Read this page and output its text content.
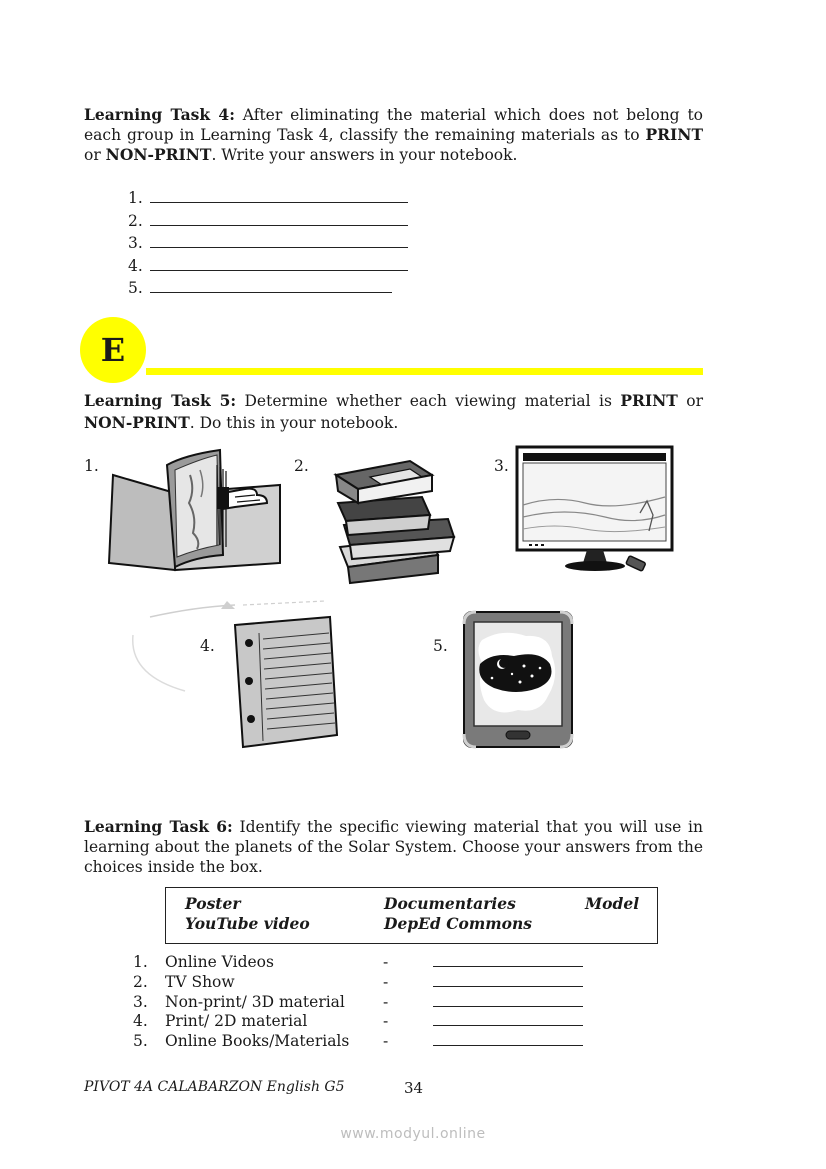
Learning Task 4: After eliminating the material which does not belong to each group in Learning Task 4, classify the remaining materials as to PRINT or NON-PRINT. Write your answers in your notebook.
1.
2.
3.
4.
5.
E
Learning Task 5: Determine whether each viewing material is PRINT or NON-PRINT. Do this in your notebook.
1.	2.	3.
4.	5.
Learning Task 6: Identify the specific viewing material that you will use in learning about the planets of the Solar System. Choose your answers from the choices inside the box.
Poster	Documentaries	Model
YouTube video	DepEd Commons
1.	Online Videos	-
2.	TV Show	-
3.	Non-print/ 3D material	-
4.	Print/ 2D material	-
5.	Online Books/Materials	-
PIVOT 4A CALABARZON English G5	34
www.modyul.online
